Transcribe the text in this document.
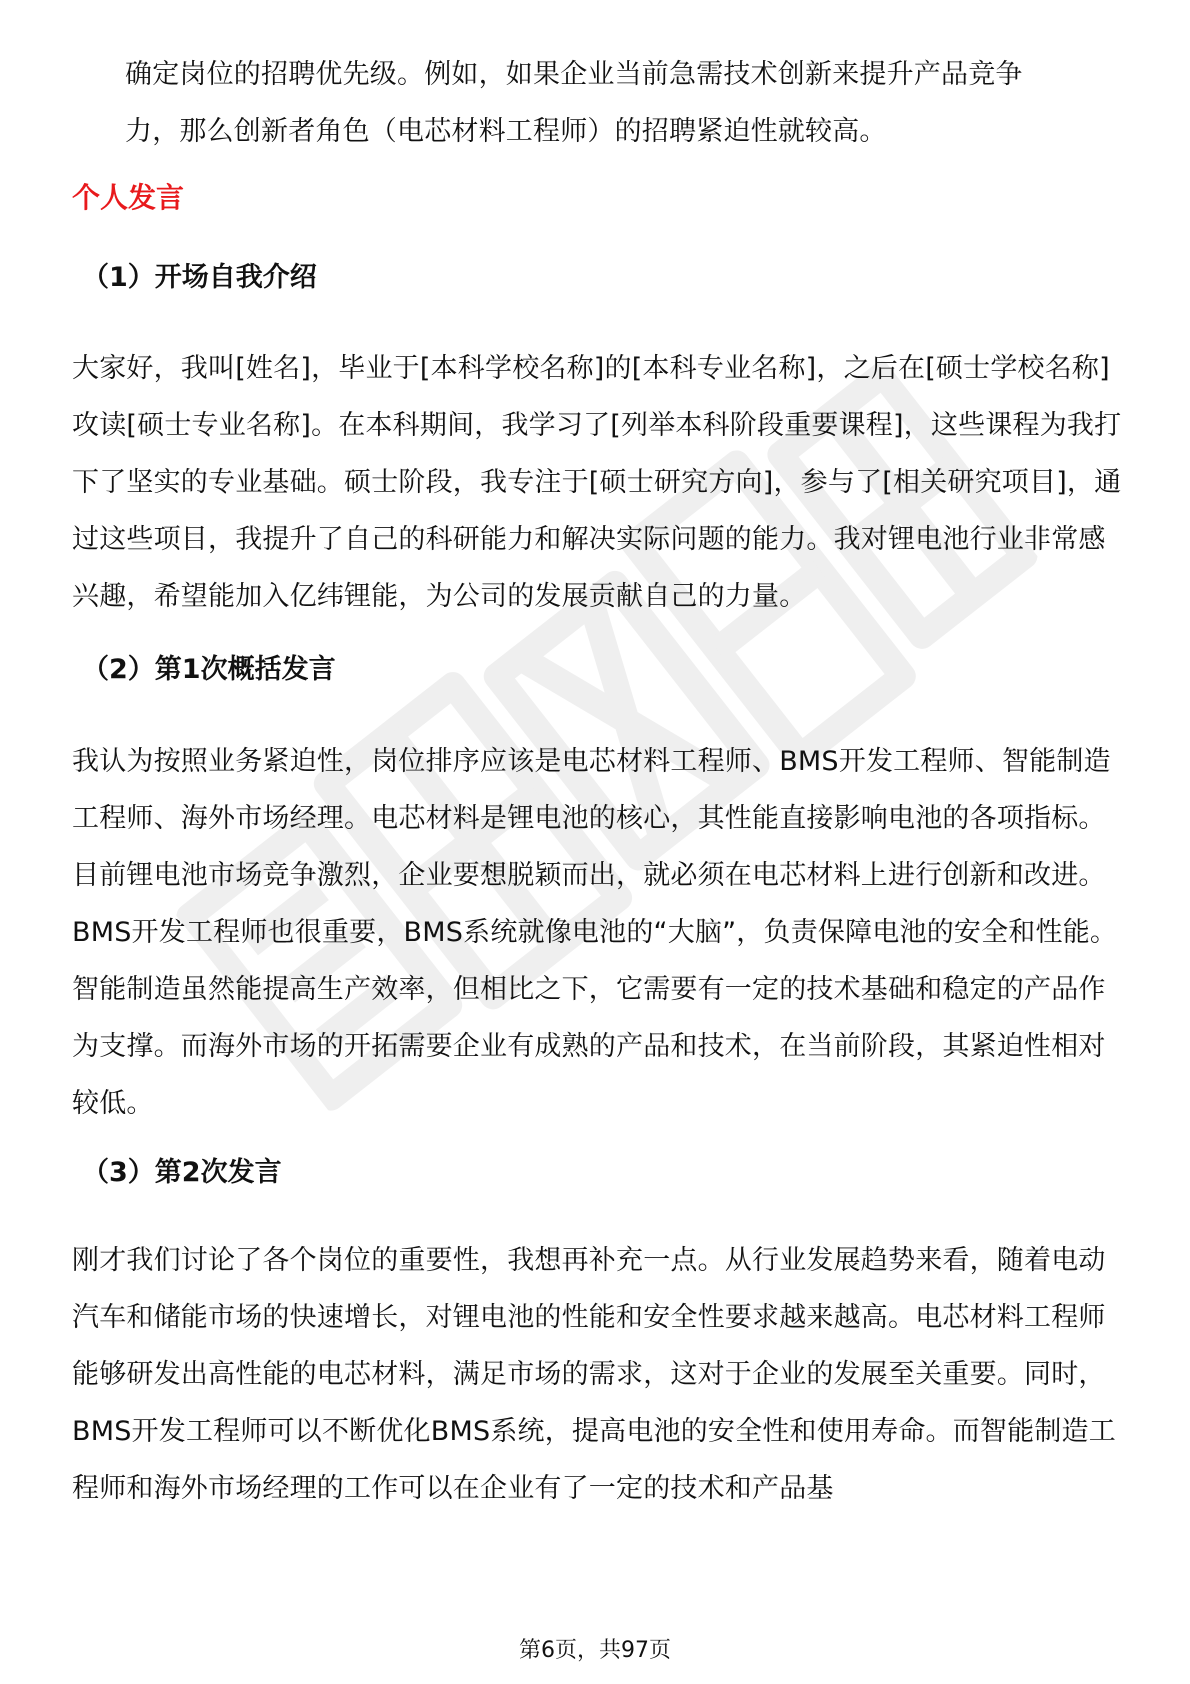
确定岗位的招聘优先级。例如，如果企业当前急需技术创新来提升产品竞争

力，那么创新者角色（电芯材料工程师）的招聘紧迫性就较高。

个人发言
（1）开场自我介绍

大家好，我叫[姓名]，毕业于[本科学校名称]的[本科专业名称]，之后在[硕士学校名称]攻读[硕士专业名称]。在本科期间，我学习了[列举本科阶段重要课程]，这些课程为我打下了坚实的专业基础。硕士阶段，我专注于[硕士研究方向]，参与了[相关研究项目]，通过这些项目，我提升了自己的科研能力和解决实际问题的能力。我对锂电池行业非常感兴趣，希望能加入亿纬锂能，为公司的发展贡献自己的力量。

（2）第1次概括发言

我认为按照业务紧迫性，岗位排序应该是电芯材料工程师、BMS开发工程师、智能制造工程师、海外市场经理。电芯材料是锂电池的核心，其性能直接影响电池的各项指标。目前锂电池市场竞争激烈，企业要想脱颖而出，就必须在电芯材料上进行创新和改进。BMS开发工程师也很重要，BMS系统就像电池的“大脑”，负责保障电池的安全和性能。智能制造虽然能提高生产效率，但相比之下，它需要有一定的技术基础和稳定的产品作为支撑。而海外市场的开拓需要企业有成熟的产品和技术，在当前阶段，其紧迫性相对较低。

（3）第2次发言

刚才我们讨论了各个岗位的重要性，我想再补充一点。从行业发展趋势来看，随着电动汽车和储能市场的快速增长，对锂电池的性能和安全性要求越来越高。电芯材料工程师能够研发出高性能的电芯材料，满足市场的需求，这对于企业的发展至关重要。同时，BMS开发工程师可以不断优化BMS系统，提高电池的安全性和使用寿命。而智能制造工程师和海外市场经理的工作可以在企业有了一定的技术和产品基

第6页，共97页
